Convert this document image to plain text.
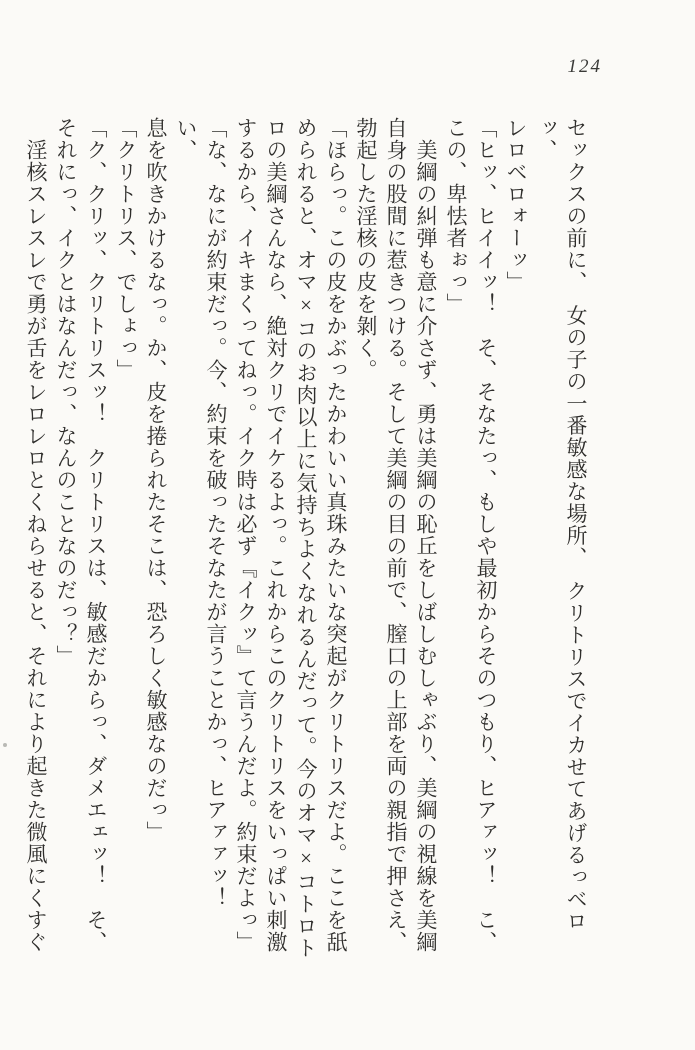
124
セックスの前に、　女の子の一番敏感な場所、　クリトリスでイカせてあげるっベロッ、
レロベロォーッ」
「ヒッ、ヒイイッ！　そ、そなたっ、もしや最初からそのつもり、ヒアァッ！　こ、
この、卑怯者ぉっ」
美綱の糾弾も意に介さず、勇は美綱の恥丘をしばしむしゃぶり、美綱の視線を美綱
自身の股間に惹きつける。そして美綱の目の前で、膣口の上部を両の親指で押さえ、
勃起した淫核の皮を剝く。
「ほらっ。この皮をかぶったかわいい真珠みたいな突起がクリトリスだよ。ここを舐
められると、オマ×コのお肉以上に気持ちよくなれるんだって。今のオマ×コトロト
ロの美綱さんなら、絶対クリでイケるよっ。これからこのクリトリスをいっぱい刺激
するから、イキまくってねっ。イク時は必ず『イクッ』て言うんだよ。約束だよっ」
「な、なにが約束だっ。今、約束を破ったそなたが言うことかっ、ヒアァァッ！　い、
息を吹きかけるなっ。か、皮を捲られたそこは、恐ろしく敏感なのだっ」
「クリトリス、でしょっ」
「ク、クリッ、クリトリスッ！　クリトリスは、敏感だからっ、ダメエェッ！　そ、
それにっ、イクとはなんだっ、なんのことなのだっ？」
淫核スレスレで勇が舌をレロレロとくねらせると、それにより起きた微風にくすぐ
